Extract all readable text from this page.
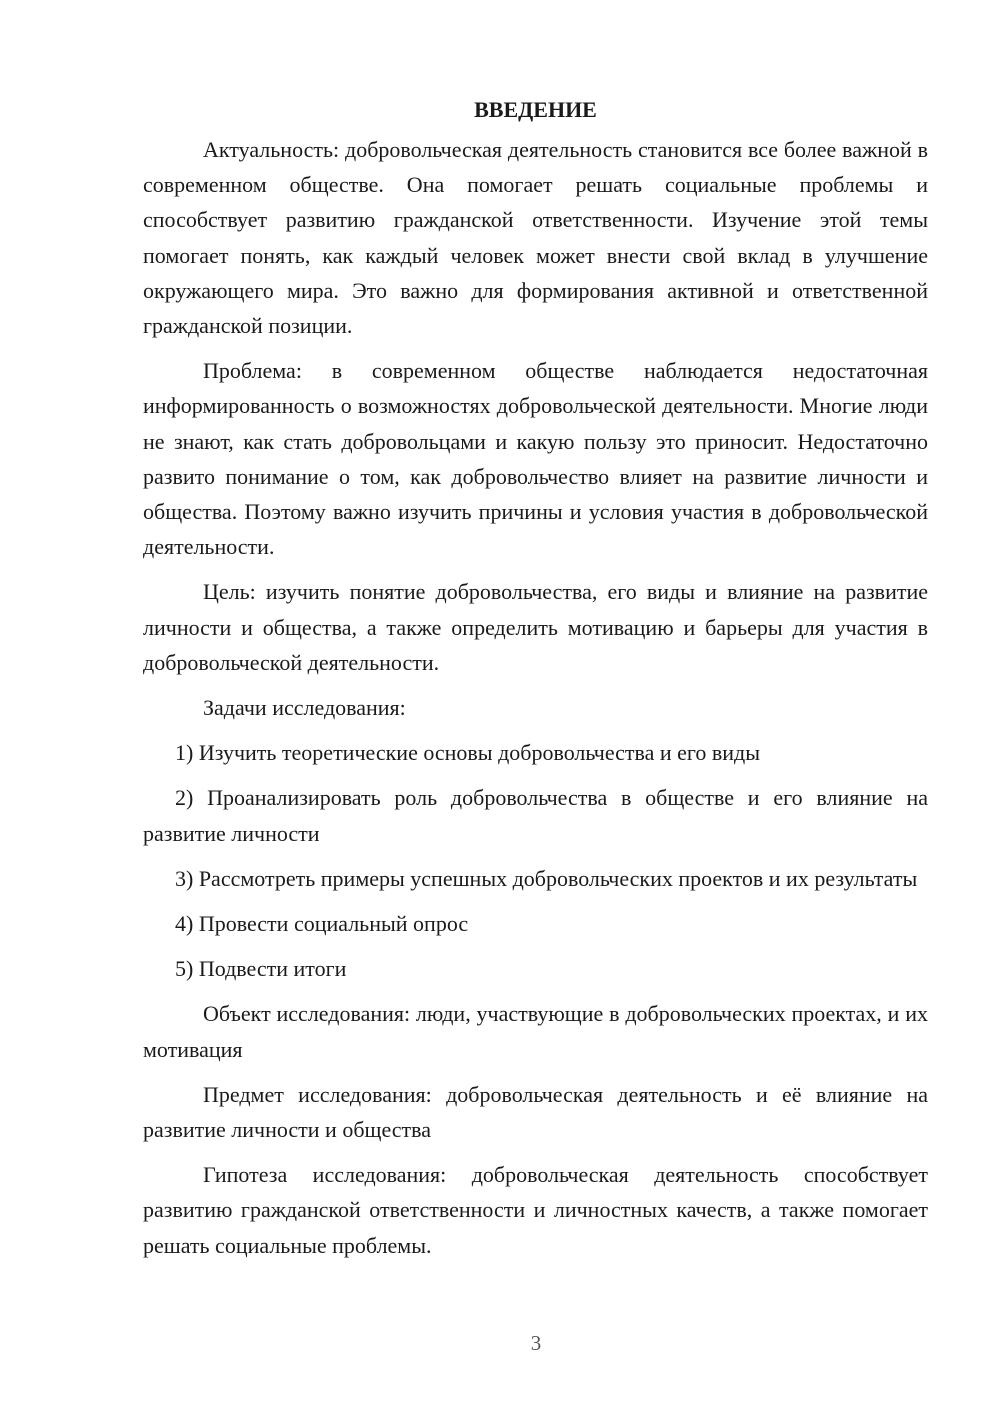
ВВЕДЕНИЕ

Актуальность: добровольческая деятельность становится все более важной в современном обществе. Она помогает решать социальные проблемы и способствует развитию гражданской ответственности. Изучение этой темы помогает понять, как каждый человек может внести свой вклад в улучшение окружающего мира. Это важно для формирования активной и ответственной гражданской позиции.

Проблема: в современном обществе наблюдается недостаточная информированность о возможностях добровольческой деятельности. Многие люди не знают, как стать добровольцами и какую пользу это приносит. Недостаточно развито понимание о том, как добровольчество влияет на развитие личности и общества. Поэтому важно изучить причины и условия участия в добровольческой деятельности.

Цель: изучить понятие добровольчества, его виды и влияние на развитие личности и общества, а также определить мотивацию и барьеры для участия в добровольческой деятельности.

Задачи исследования:

1) Изучить теоретические основы добровольчества и его виды

2) Проанализировать роль добровольчества в обществе и его влияние на развитие личности

3) Рассмотреть примеры успешных добровольческих проектов и их результаты

4) Провести социальный опрос

5) Подвести итоги

Объект исследования: люди, участвующие в добровольческих проектах, и их мотивация

Предмет исследования: добровольческая деятельность и её влияние на развитие личности и общества

Гипотеза исследования: добровольческая деятельность способствует развитию гражданской ответственности и личностных качеств, а также помогает решать социальные проблемы.

3
